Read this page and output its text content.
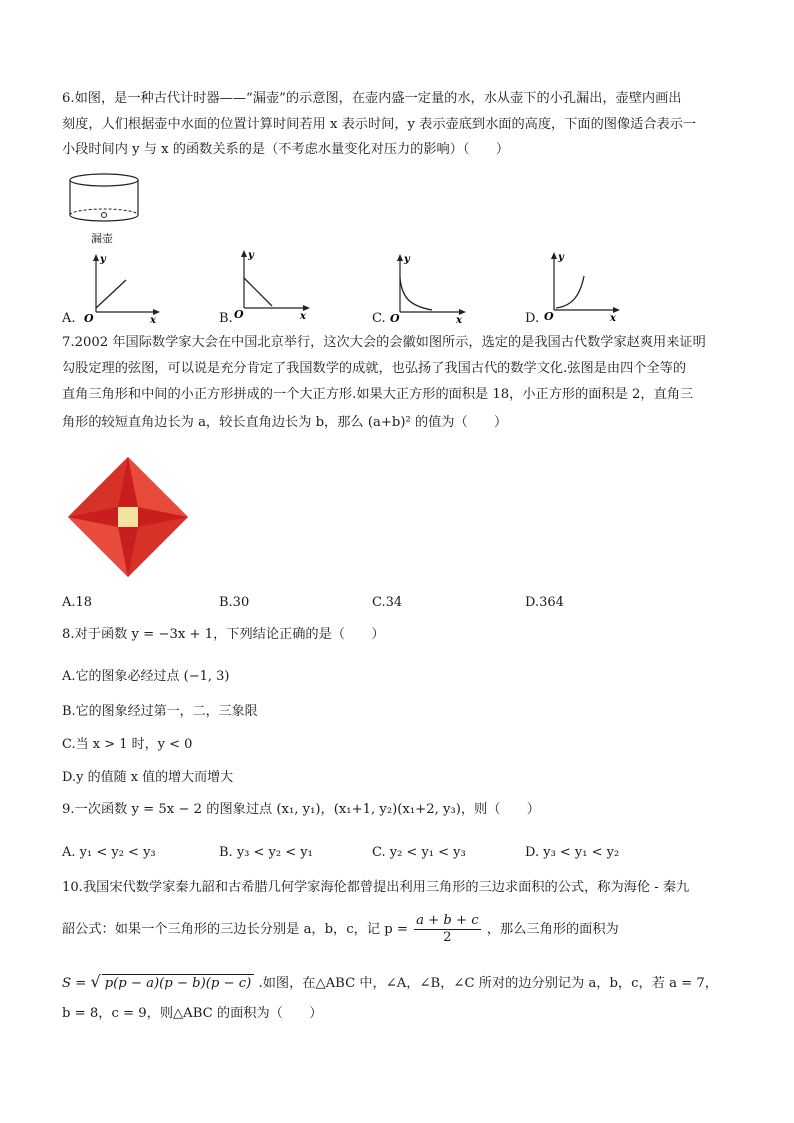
6.如图，是一种古代计时器——“漏壶”的示意图，在壶内盛一定量的水，水从壶下的小孔漏出，壶壁内画出
刻度，人们根据壶中水面的位置计算时间若用 x 表示时间，y 表示壶底到水面的高度，下面的图像适合表示一
小段时间内 y 与 x 的函数关系的是（不考虑水量变化对压力的影响）（　　）
漏壶
A.
y
O	x	B.
y
O	x	C.
y
O	x	D.
y
O	x
7.2002 年国际数学家大会在中国北京举行，这次大会的会徽如图所示，选定的是我国古代数学家赵爽用来证明
勾股定理的弦图，可以说是充分肯定了我国数学的成就，也弘扬了我国古代的数学文化.弦图是由四个全等的
直角三角形和中间的小正方形拼成的一个大正方形.如果大正方形的面积是 18，小正方形的面积是 2，直角三
角形的较短直角边长为 a，较长直角边长为 b，那么 (a+b)² 的值为（　　）
A.18	B.30	C.34	D.364
8.对于函数 y = −3x + 1，下列结论正确的是（　　）
A.它的图象必经过点 (−1, 3)
B.它的图象经过第一，二，三象限
C.当 x > 1 时，y < 0
D.y 的值随 x 值的增大而增大
9.一次函数 y = 5x − 2 的图象过点 (x₁, y₁)，(x₁+1, y₂)(x₁+2, y₃)，则（　　）
A. y₁ < y₂ < y₃	B. y₃ < y₂ < y₁	C. y₂ < y₁ < y₃	D. y₃ < y₁ < y₂
10.我国宋代数学家秦九韶和古希腊几何学家海伦都曾提出利用三角形的三边求面积的公式，称为海伦 - 秦九
韶公式：如果一个三角形的三边长分别是 a，b，c，记 $p = \frac{a + b + c}{2}$ ，那么三角形的面积为
S = √ p(p − a)(p − b)(p − c) .如图，在△ABC 中，∠A，∠B，∠C 所对的边分别记为 a，b，c，若 a = 7，
b = 8，c = 9，则△ABC 的面积为（　　）
